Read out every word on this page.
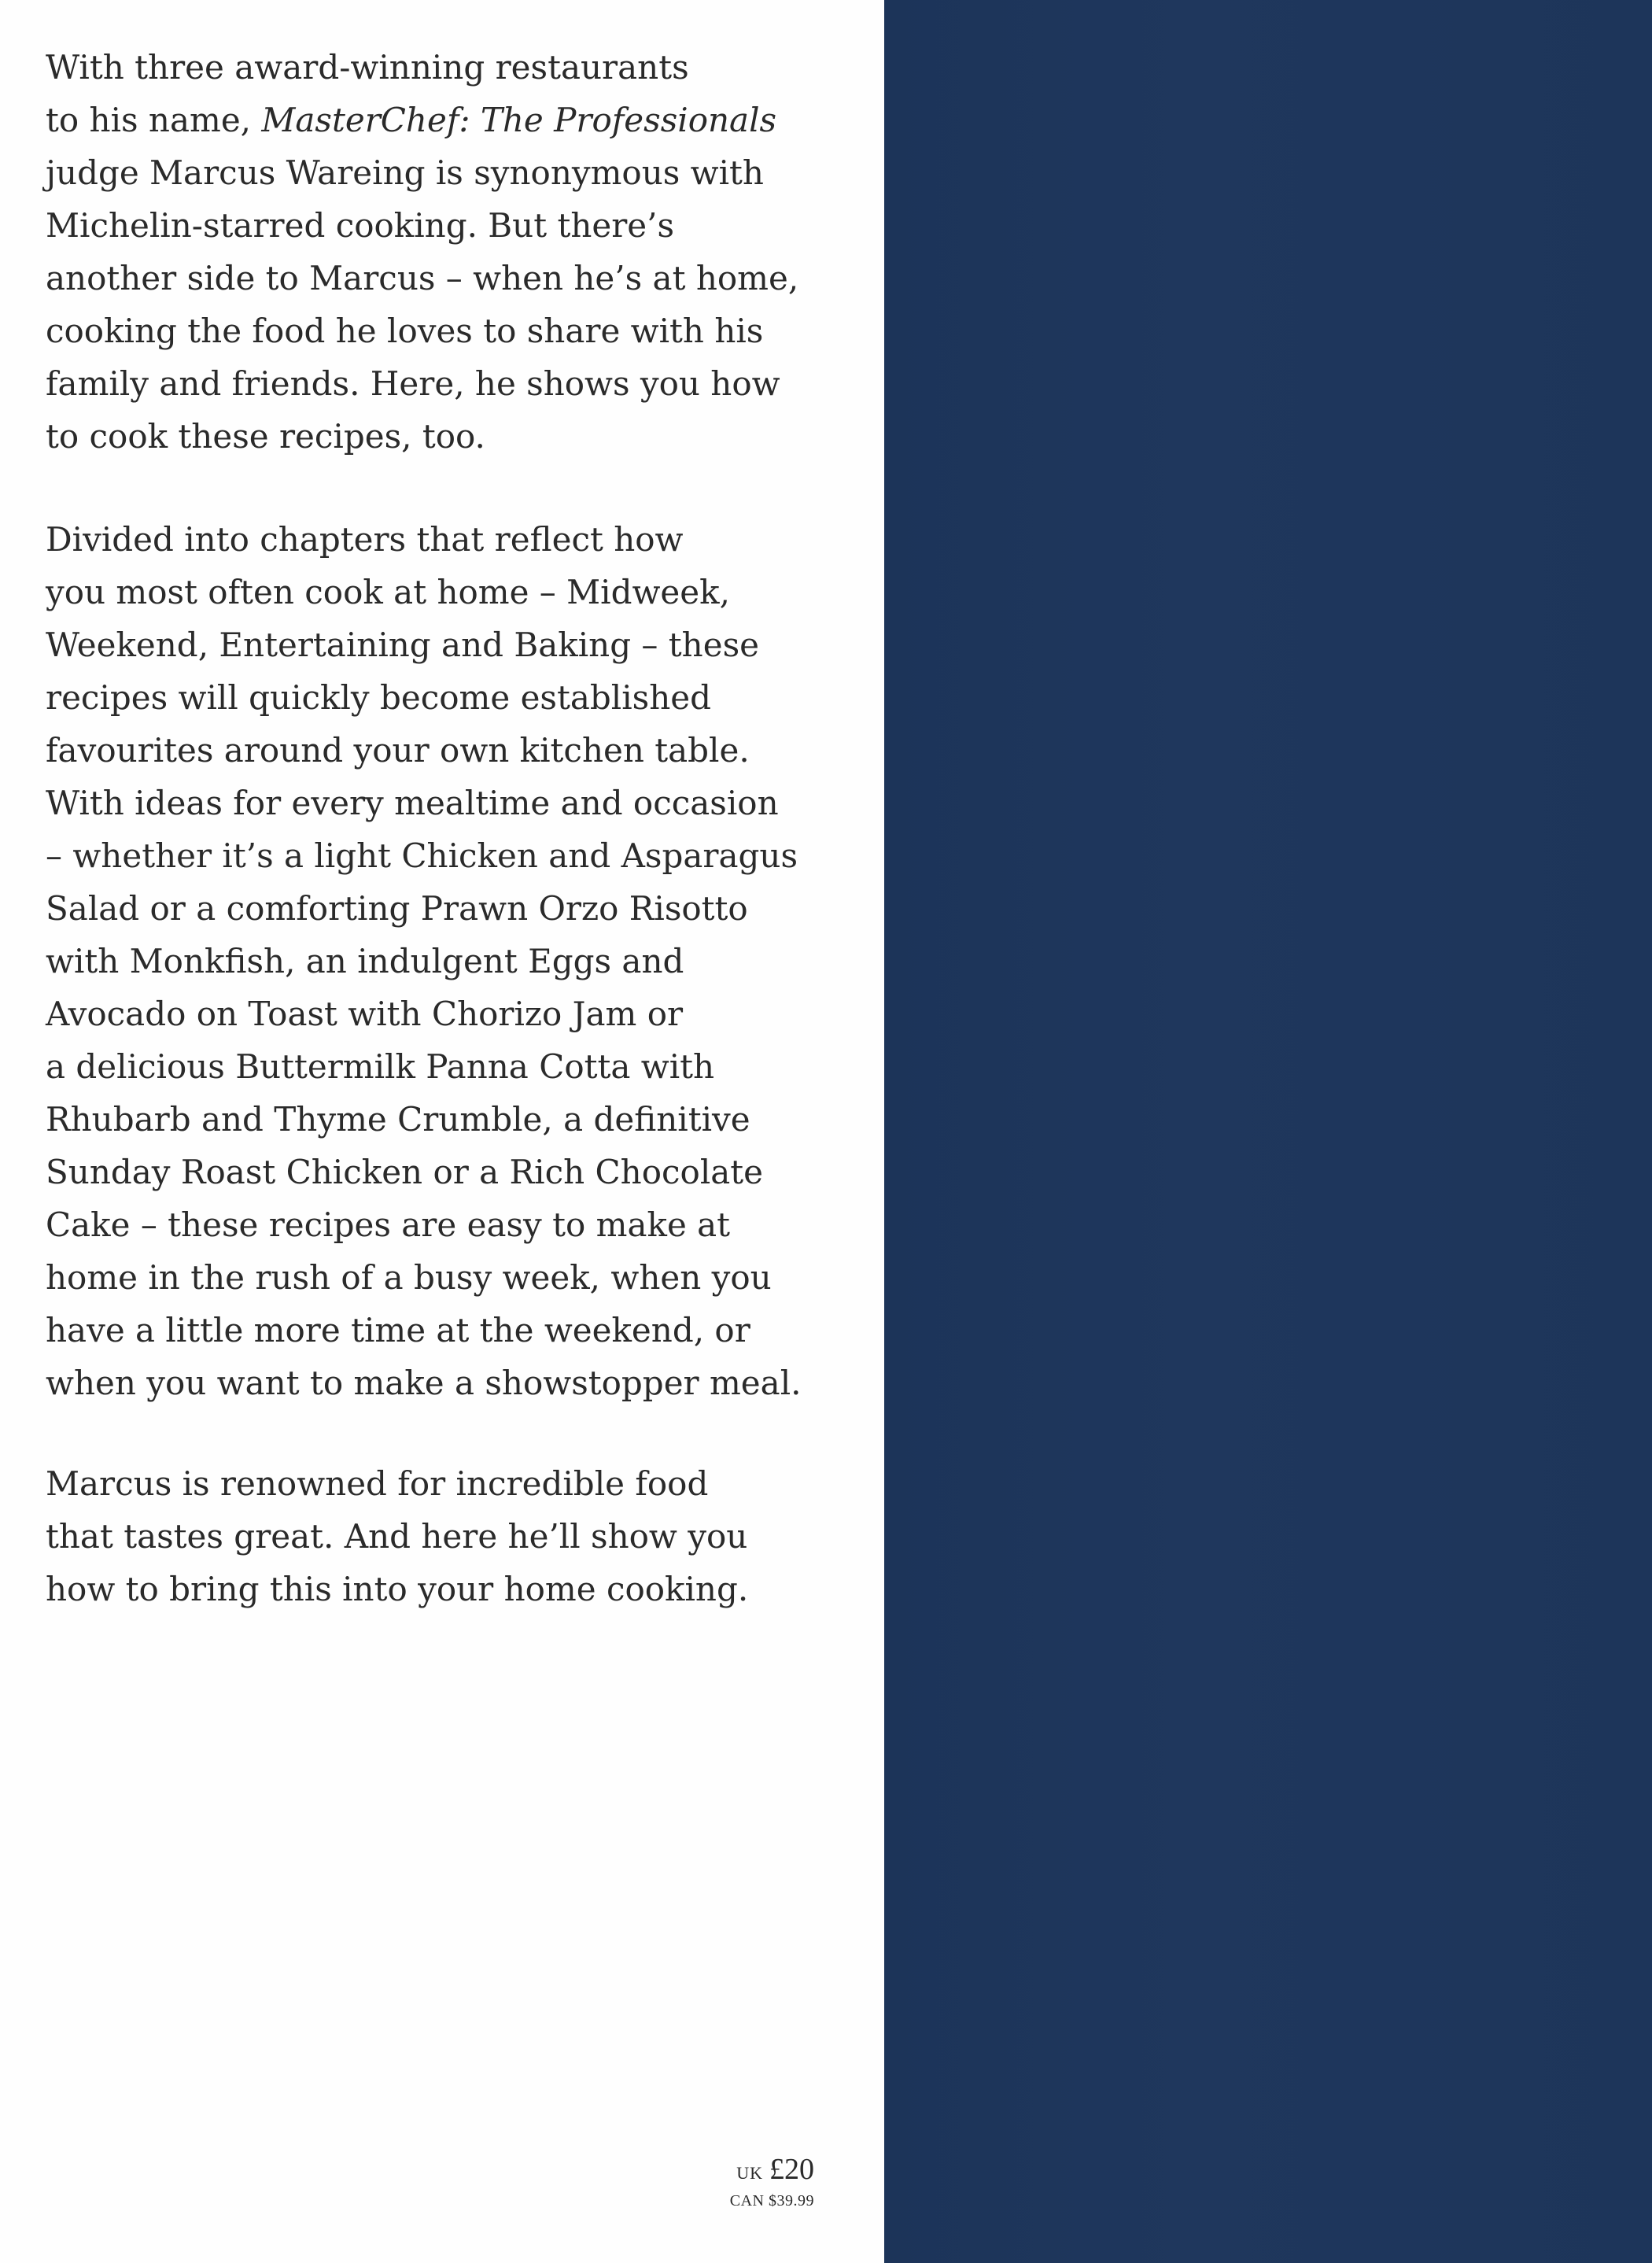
With three award-winning restaurants
to his name, MasterChef: The Professionals
judge Marcus Wareing is synonymous with
Michelin-starred cooking. But there’s
another side to Marcus – when he’s at home,
cooking the food he loves to share with his
family and friends. Here, he shows you how
to cook these recipes, too.

Divided into chapters that reflect how
you most often cook at home – Midweek,
Weekend, Entertaining and Baking – these
recipes will quickly become established
favourites around your own kitchen table.
With ideas for every mealtime and occasion
– whether it’s a light Chicken and Asparagus
Salad or a comforting Prawn Orzo Risotto
with Monkfish, an indulgent Eggs and
Avocado on Toast with Chorizo Jam or
a delicious Buttermilk Panna Cotta with
Rhubarb and Thyme Crumble, a definitive
Sunday Roast Chicken or a Rich Chocolate
Cake – these recipes are easy to make at
home in the rush of a busy week, when you
have a little more time at the weekend, or
when you want to make a showstopper meal.

Marcus is renowned for incredible food
that tastes great. And here he’ll show you
how to bring this into your home cooking.

UK £20
CAN $39.99
